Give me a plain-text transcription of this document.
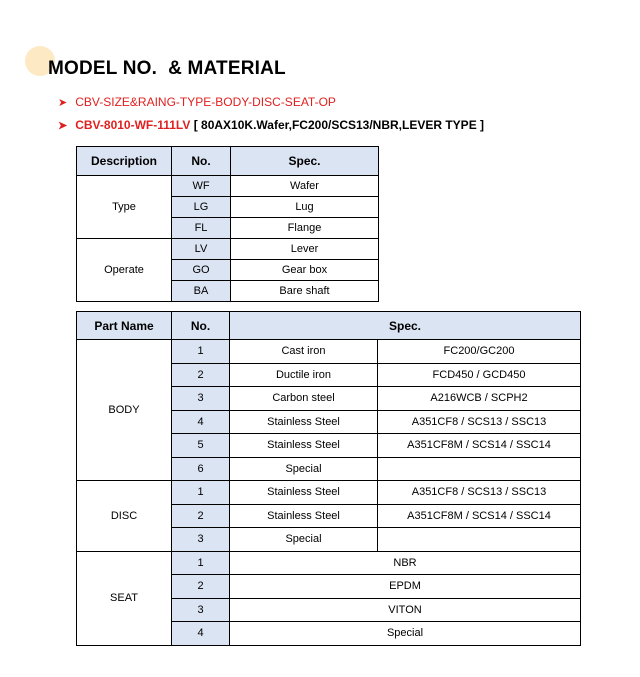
MODEL NO.  & MATERIAL
➤ CBV-SIZE&RAING-TYPE-BODY-DISC-SEAT-OP
➤ CBV-8010-WF-111LV [ 80AX10K.Wafer,FC200/SCS13/NBR,LEVER TYPE ]
Description	No.	Spec.
Type	WF	Wafer
	LG	Lug
	FL	Flange
Operate	LV	Lever
	GO	Gear box
	BA	Bare shaft
Part Name	No.	Spec.	
BODY	1	Cast iron	FC200/GC200
	2	Ductile iron	FCD450 / GCD450
	3	Carbon steel	A216WCB / SCPH2
	4	Stainless Steel	A351CF8 / SCS13 / SSC13
	5	Stainless Steel	A351CF8M / SCS14 / SSC14
	6	Special	
DISC	1	Stainless Steel	A351CF8 / SCS13 / SSC13
	2	Stainless Steel	A351CF8M / SCS14 / SSC14
	3	Special	
SEAT	1	NBR	
	2	EPDM	
	3	VITON	
	4	Special	
